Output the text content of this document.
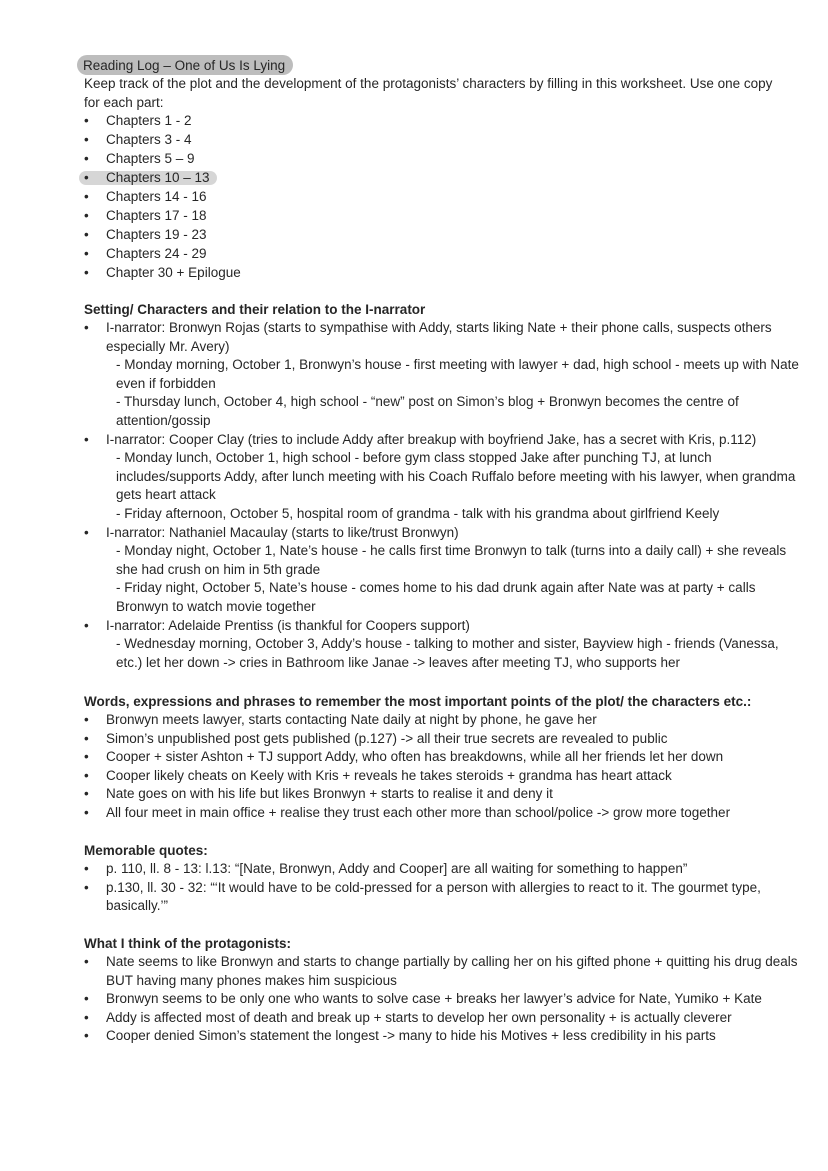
Reading Log – One of Us Is Lying
Keep track of the plot and the development of the protagonists’ characters by filling in this worksheet. Use one copy for each part:
• Chapters 1 - 2
• Chapters 3 - 4
• Chapters 5 – 9
• Chapters 10 – 13
• Chapters 14 - 16
• Chapters 17 - 18
• Chapters 19 - 23
• Chapters 24 - 29
• Chapter 30 + Epilogue
Setting/ Characters and their relation to the I-narrator
• I-narrator: Bronwyn Rojas (starts to sympathise with Addy, starts liking Nate + their phone calls, suspects others especially Mr. Avery)
- Monday morning, October 1, Bronwyn’s house - first meeting with lawyer + dad, high school - meets up with Nate even if forbidden
- Thursday lunch, October 4, high school - “new” post on Simon’s blog + Bronwyn becomes the centre of attention/gossip
• I-narrator: Cooper Clay (tries to include Addy after breakup with boyfriend Jake, has a secret with Kris, p.112)
- Monday lunch, October 1, high school - before gym class stopped Jake after punching TJ, at lunch includes/supports Addy, after lunch meeting with his Coach Ruffalo before meeting with his lawyer, when grandma gets heart attack
- Friday afternoon, October 5, hospital room of grandma - talk with his grandma about girlfriend Keely
• I-narrator: Nathaniel Macaulay (starts to like/trust Bronwyn)
- Monday night, October 1, Nate’s house - he calls first time Bronwyn to talk (turns into a daily call) + she reveals she had crush on him in 5th grade
- Friday night, October 5, Nate’s house - comes home to his dad drunk again after Nate was at party + calls Bronwyn to watch movie together
• I-narrator: Adelaide Prentiss (is thankful for Coopers support)
- Wednesday morning, October 3, Addy’s house - talking to mother and sister, Bayview high - friends (Vanessa, etc.) let her down -> cries in Bathroom like Janae -> leaves after meeting TJ, who supports her
Words, expressions and phrases to remember the most important points of the plot/ the characters etc.:
• Bronwyn meets lawyer, starts contacting Nate daily at night by phone, he gave her
• Simon’s unpublished post gets published (p.127) -> all their true secrets are revealed to public
• Cooper + sister Ashton + TJ support Addy, who often has breakdowns, while all her friends let her down
• Cooper likely cheats on Keely with Kris + reveals he takes steroids + grandma has heart attack
• Nate goes on with his life but likes Bronwyn + starts to realise it and deny it
• All four meet in main office + realise they trust each other more than school/police -> grow more together
Memorable quotes:
• p. 110, ll. 8 - 13: l.13: “[Nate, Bronwyn, Addy and Cooper] are all waiting for something to happen”
• p.130, ll. 30 - 32: “‘It would have to be cold-pressed for a person with allergies to react to it. The gourmet type, basically.’”
What I think of the protagonists:
• Nate seems to like Bronwyn and starts to change partially by calling her on his gifted phone + quitting his drug deals BUT having many phones makes him suspicious
• Bronwyn seems to be only one who wants to solve case + breaks her lawyer’s advice for Nate, Yumiko + Kate
• Addy is affected most of death and break up + starts to develop her own personality + is actually cleverer
• Cooper denied Simon’s statement the longest -> many to hide his Motives + less credibility in his parts
